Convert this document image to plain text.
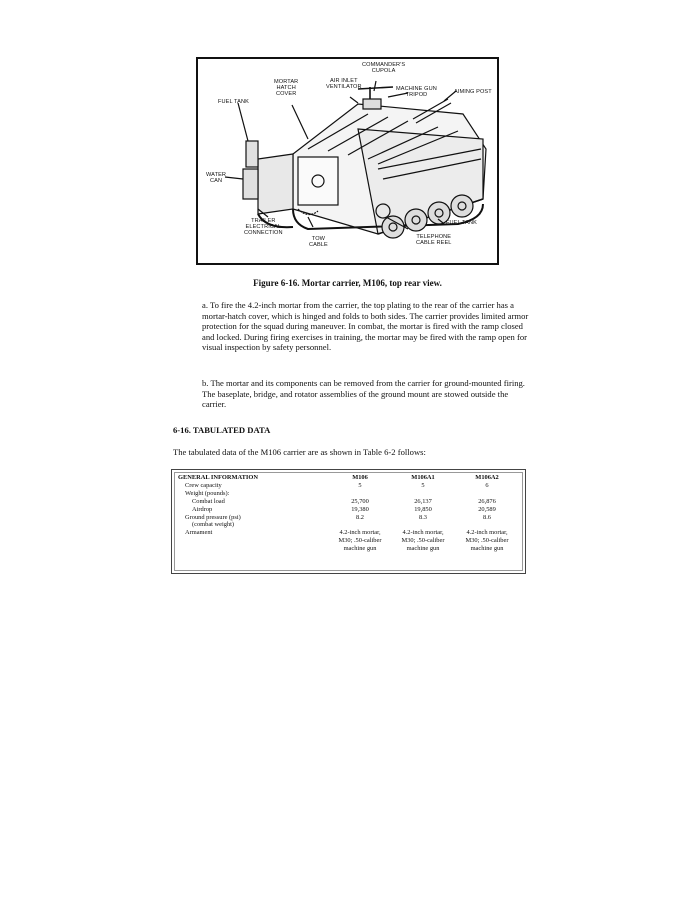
COMMANDER'S
CUPOLA
AIR INLET
VENTILATOR
MORTAR
HATCH
COVER
MACHINE GUN
TRIPOD
AIMING POST
FUEL TANK
WATER
CAN
TRAILER
ELECTRICAL
CONNECTION
TOW
CABLE
FUEL TANK
TELEPHONE
CABLE REEL
Figure 6-16. Mortar carrier, M106, top rear view.
a. To fire the 4.2-inch mortar from the carrier, the top plating to the rear of the carrier has a mortar-hatch cover, which is hinged and folds to both sides. The carrier provides limited armor protection for the squad during maneuver. In combat, the mortar is fired with the ramp closed and locked. During firing exercises in training, the mortar may be fired with the ramp open for visual inspection by safety personnel.
b. The mortar and its components can be removed from the carrier for ground-mounted firing. The baseplate, bridge, and rotator assemblies of the ground mount are stowed outside the carrier.
6-16. TABULATED DATA
The tabulated data of the M106 carrier are as shown in Table 6-2 follows:
GENERAL INFORMATION	M106	M106A1	M106A2
Crew capacity	5	5	6
Weight (pounds):			
Combat load	25,700	26,137	26,876
Airdrop	19,380	19,850	20,589
Ground pressure (psi)	8.2	8.3	8.6
(combat weight)			
Armament	4.2-inch mortar,
M30; .50-caliber
machine gun	4.2-inch mortar,
M30; .50-caliber
machine gun	4.2-inch mortar,
M30; .50-caliber
machine gun
